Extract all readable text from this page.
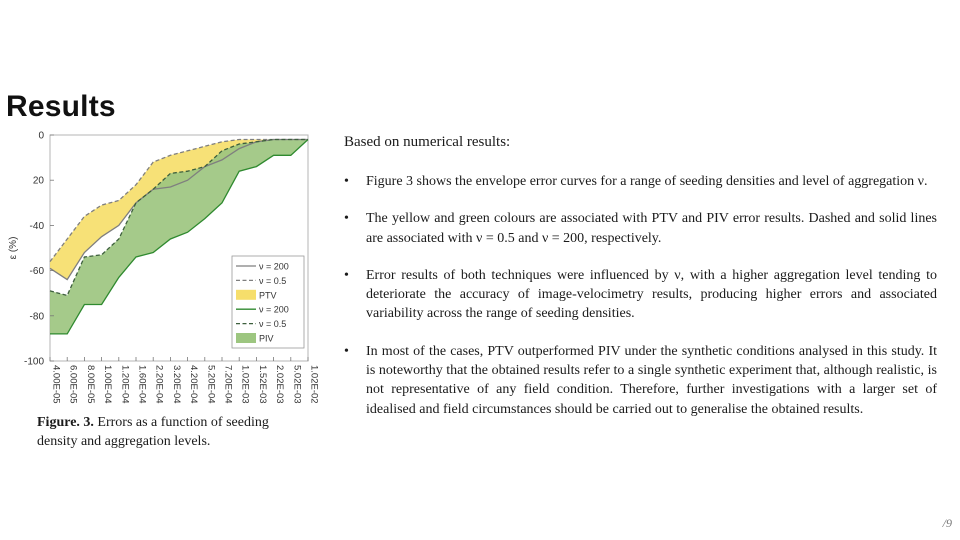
Results
0
20
-40
-60
-80
-100
4.00E-05 6.00E-05 8.00E-05 1.00E-04 1.20E-04 1.60E-04 2.20E-04 3.20E-04 4.20E-04 5.20E-04 7.20E-04 1.02E-03 1.52E-03 2.02E-03 5.02E-03 1.02E-02
ε (%)
ν = 200
ν = 0.5
PTV
ν = 200
ν = 0.5
PIV
Figure. 3. Errors as a function of seeding density and aggregation levels.
Based on numerical results:
• Figure 3 shows the envelope error curves for a range of seeding densities and level of aggregation ν.
• The yellow and green colours are associated with PTV and PIV error results. Dashed and solid lines are associated with ν = 0.5 and ν = 200, respectively.
• Error results of both techniques were influenced by ν, with a higher aggregation level tending to deteriorate the accuracy of image-velocimetry results, producing higher errors and associated variability across the range of seeding densities.
• In most of the cases, PTV outperformed PIV under the synthetic conditions analysed in this study. It is noteworthy that the obtained results refer to a single synthetic experiment that, although realistic, is not representative of any field condition. Therefore, further investigations with a larger set of idealised and field circumstances should be carried out to generalise the obtained results.
/9
